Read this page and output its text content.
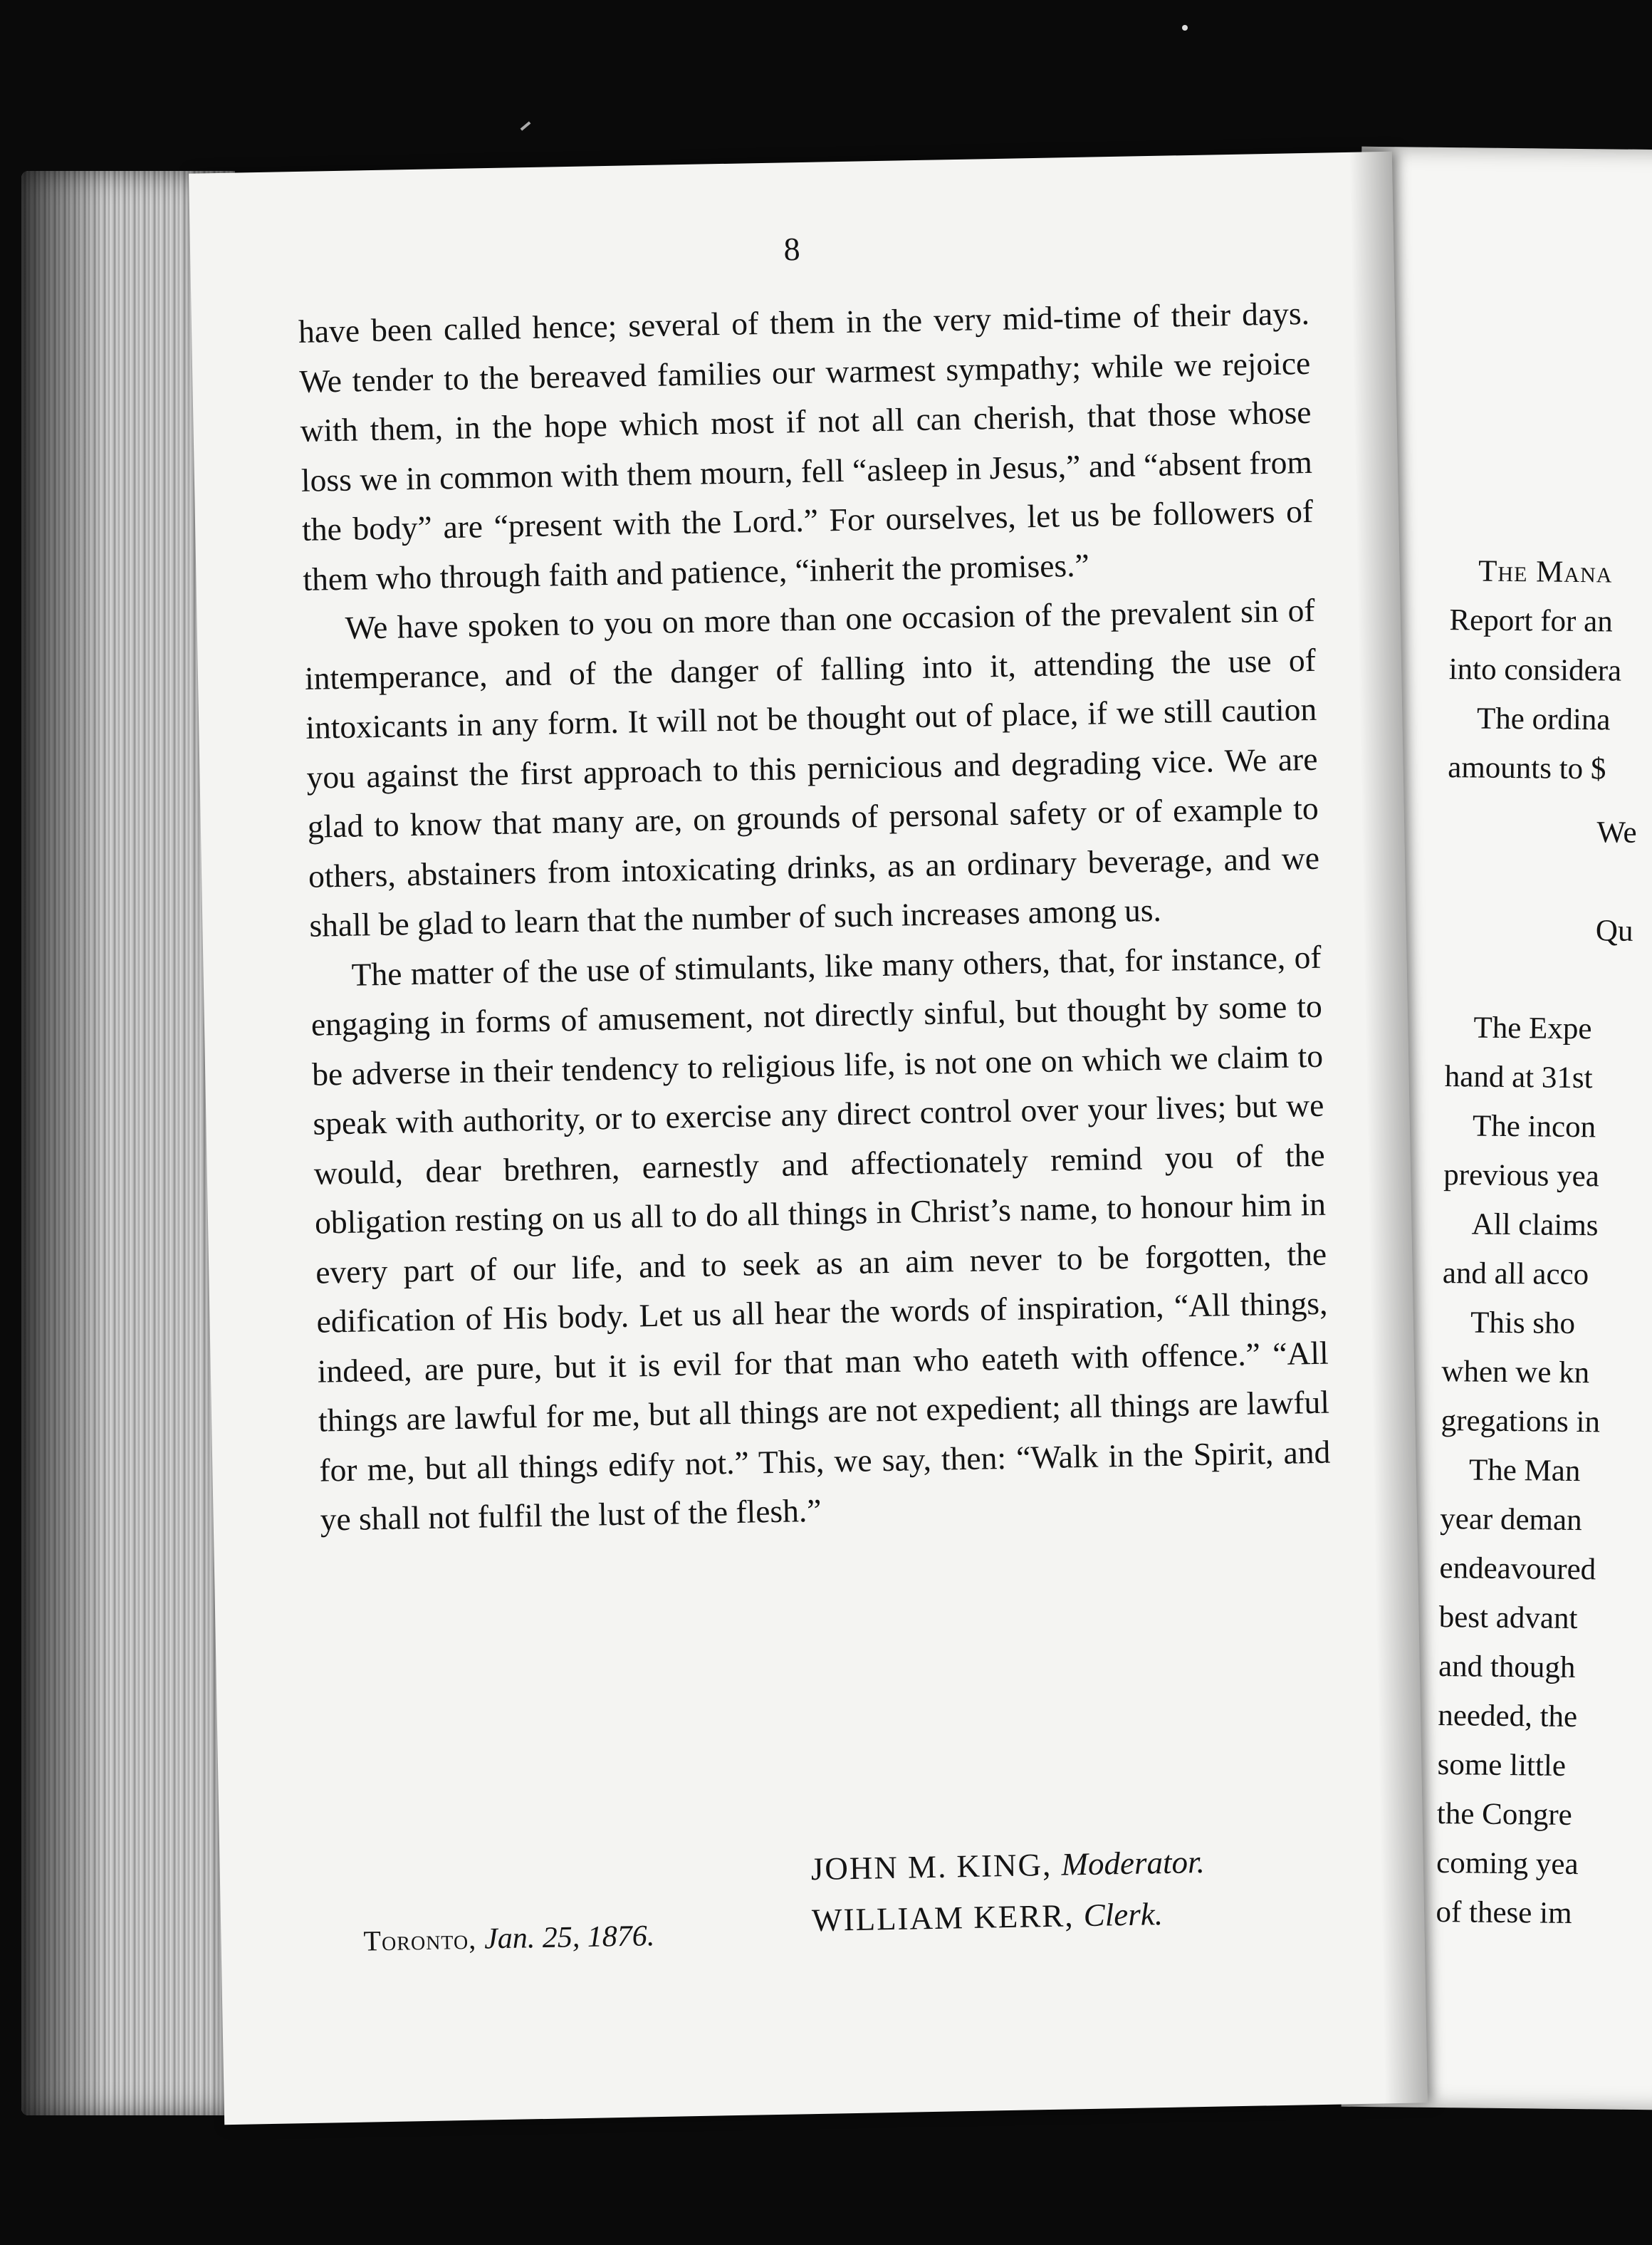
The Mana
Report for an
into considera
The ordina
amounts to $
We
Qu
The Expe
hand at 31st
The incon
previous yea
All claims
and all acco
This sho
when we kn
gregations in
The Man
year deman
endeavoured
best advant
and though
needed, the
some little
the Congre
coming yea
of these im
8

have been called hence; several of them in the very mid-time of their days. We tender to the bereaved families our warmest sympathy; while we rejoice with them, in the hope which most if not all can cherish, that those whose loss we in common with them mourn, fell “asleep in Jesus,” and “absent from the body” are “present with the Lord.” For ourselves, let us be followers of them who through faith and patience, “inherit the promises.”

We have spoken to you on more than one occasion of the prevalent sin of intemperance, and of the danger of falling into it, attending the use of intoxicants in any form. It will not be thought out of place, if we still caution you against the first approach to this pernicious and degrading vice. We are glad to know that many are, on grounds of personal safety or of example to others, abstainers from intoxicating drinks, as an ordinary beverage, and we shall be glad to learn that the number of such increases among us.

The matter of the use of stimulants, like many others, that, for instance, of engaging in forms of amusement, not directly sinful, but thought by some to be adverse in their tendency to religious life, is not one on which we claim to speak with authority, or to exercise any direct control over your lives; but we would, dear brethren, earnestly and affectionately remind you of the obligation resting on us all to do all things in Christ’s name, to honour him in every part of our life, and to seek as an aim never to be forgotten, the edification of His body. Let us all hear the words of inspiration, “All things, indeed, are pure, but it is evil for that man who eateth with offence.” “All things are lawful for me, but all things are not expedient; all things are lawful for me, but all things edify not.” This, we say, then: “Walk in the Spirit, and ye shall not fulfil the lust of the flesh.”

Toronto, Jan. 25, 1876.
JOHN M. KING, Moderator.
WILLIAM KERR, Clerk.
